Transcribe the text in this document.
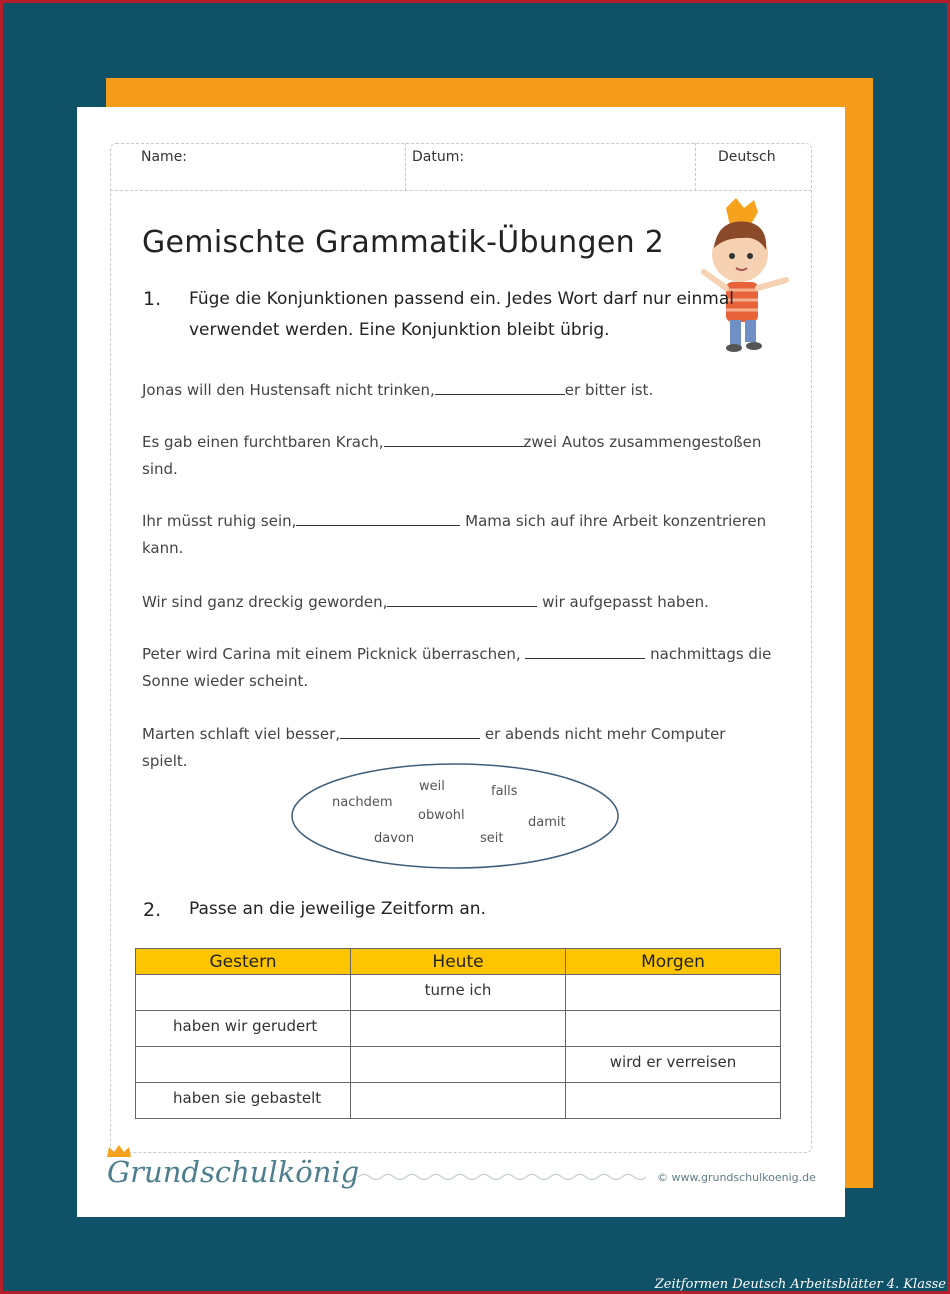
Name:	Datum:	Deutsch
Gemischte Grammatik-Übungen 2
1. Füge die Konjunktionen passend ein. Jedes Wort darf nur einmal
verwendet werden. Eine Konjunktion bleibt übrig.
Jonas will den Hustensaft nicht trinken,	er bitter ist.
Es gab einen furchtbaren Krach,	zwei Autos zusammengestoßen sind.
Ihr müsst ruhig sein,	Mama sich auf ihre Arbeit konzentrieren kann.
Wir sind ganz dreckig geworden,	wir aufgepasst haben.
Peter wird Carina mit einem Picknick überraschen,	nachmittags die Sonne wieder scheint.
Marten schlaft viel besser,	er abends nicht mehr Computer spielt.
weil	falls
nachdem
obwohl	damit
davon	seit
2. Passe an die jeweilige Zeitform an.
Gestern	Heute	Morgen
	turne ich	
haben wir gerudert		
		wird er verreisen
haben sie gebastelt		
Grundschulkönig	© www.grundschulkoenig.de
Zeitformen Deutsch Arbeitsblätter 4. Klasse
